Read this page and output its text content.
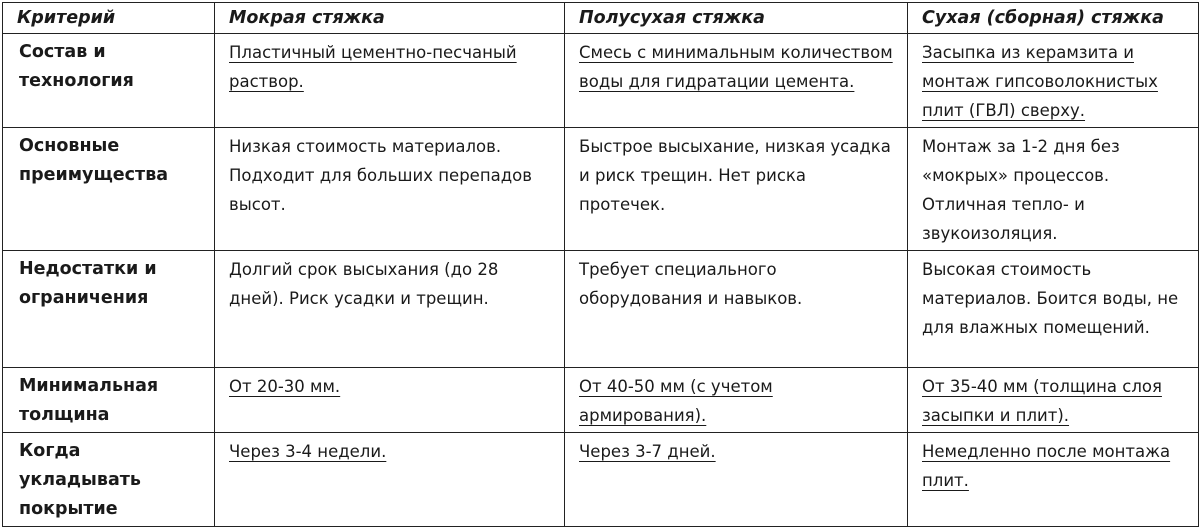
Критерий	Мокрая стяжка	Полусухая стяжка	Сухая (сборная) стяжка
Состав и технология	Пластичный цементно-песчаный раствор.	Смесь с минимальным количеством воды для гидратации цемента.	Засыпка из керамзита и монтаж гипсоволокнистых плит (ГВЛ) сверху.
Основные преимущества	Низкая стоимость материалов. Подходит для больших перепадов высот.	Быстрое высыхание, низкая усадка и риск трещин. Нет риска протечек.	Монтаж за 1-2 дня без «мокрых» процессов. Отличная тепло- и звукоизоляция.
Недостатки и ограничения	Долгий срок высыхания (до 28 дней). Риск усадки и трещин.	Требует специального оборудования и навыков.	Высокая стоимость материалов. Боится воды, не для влажных помещений.
Минимальная толщина	От 20-30 мм.	От 40-50 мм (с учетом армирования).	От 35-40 мм (толщина слоя засыпки и плит).
Когда укладывать покрытие	Через 3-4 недели.	Через 3-7 дней.	Немедленно после монтажа плит.
